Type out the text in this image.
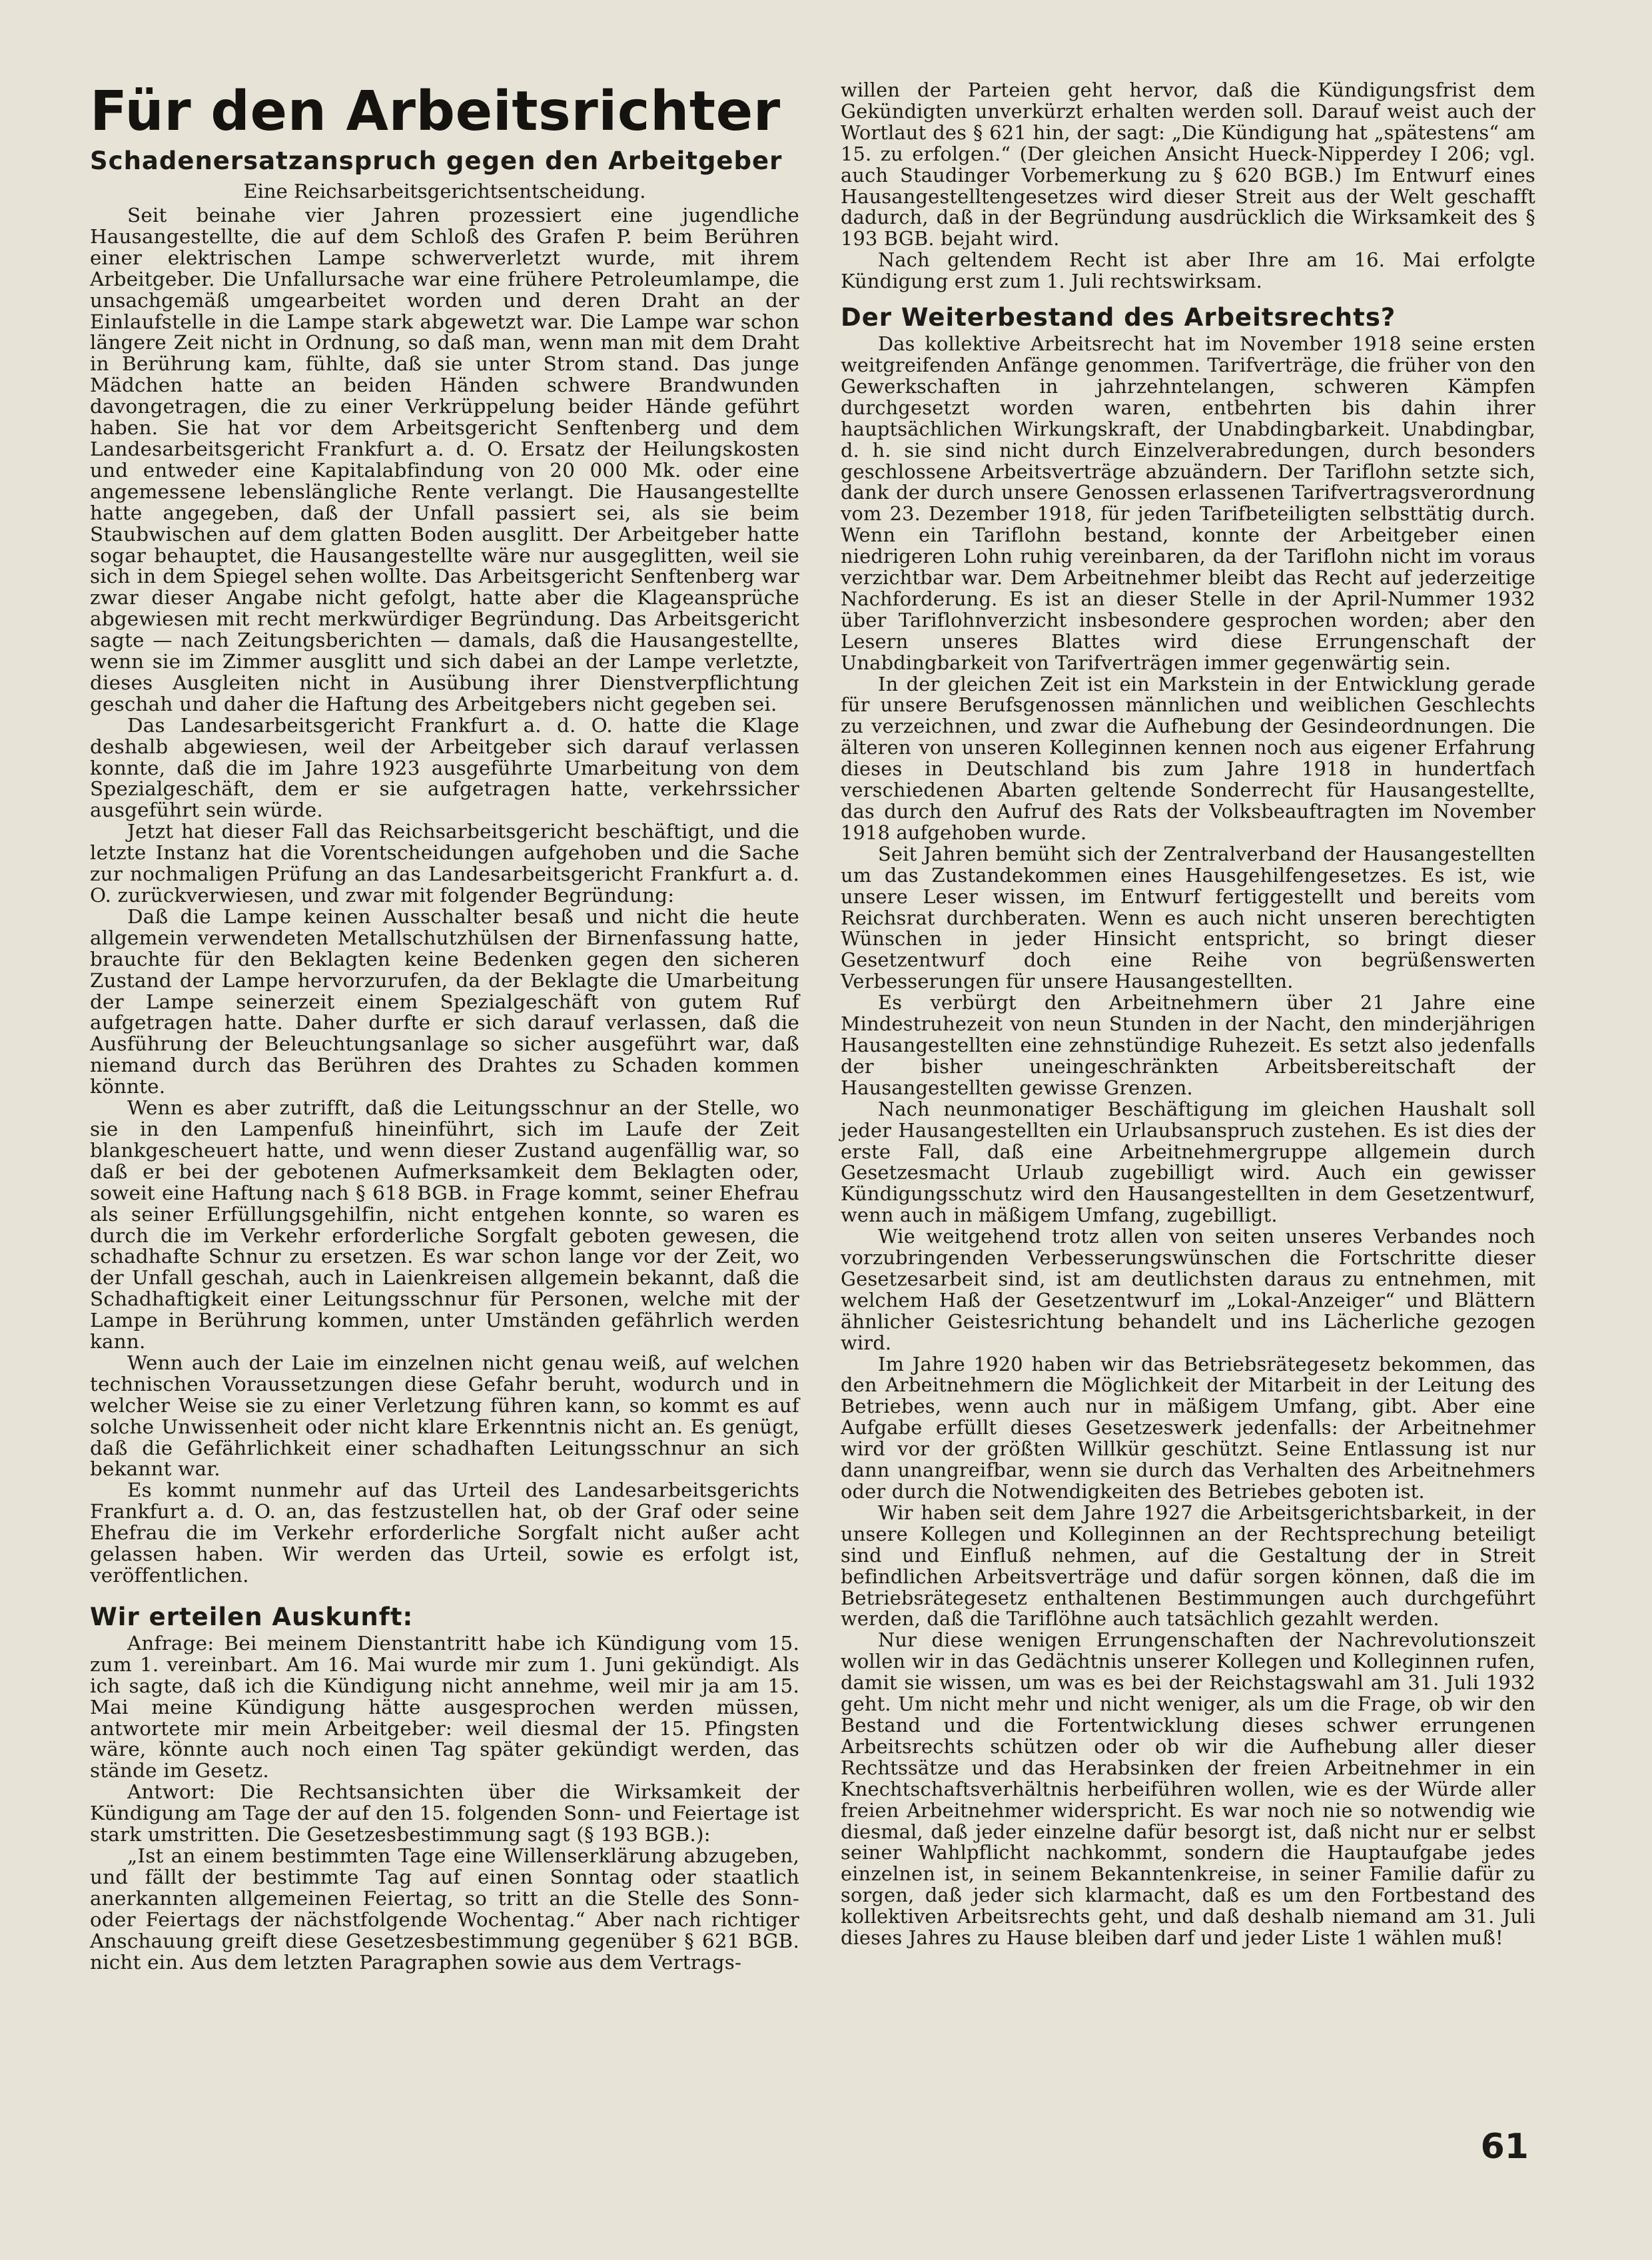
Für den Arbeitsrichter
Schadenersatzanspruch gegen den Arbeitgeber
Eine Reichsarbeitsgerichtsentscheidung.

Seit beinahe vier Jahren prozessiert eine jugendliche Hausangestellte, die auf dem Schloß des Grafen P. beim Berühren einer elektrischen Lampe schwerverletzt wurde, mit ihrem Arbeitgeber. Die Unfallursache war eine frühere Petroleumlampe, die unsachgemäß umgearbeitet worden und deren Draht an der Einlaufstelle in die Lampe stark abgewetzt war. Die Lampe war schon längere Zeit nicht in Ordnung, so daß man, wenn man mit dem Draht in Berührung kam, fühlte, daß sie unter Strom stand. Das junge Mädchen hatte an beiden Händen schwere Brandwunden davongetragen, die zu einer Verkrüppelung beider Hände geführt haben. Sie hat vor dem Arbeitsgericht Senftenberg und dem Landesarbeitsgericht Frankfurt a. d. O. Ersatz der Heilungskosten und entweder eine Kapitalabfindung von 20 000 Mk. oder eine angemessene lebenslängliche Rente verlangt. Die Hausangestellte hatte angegeben, daß der Unfall passiert sei, als sie beim Staubwischen auf dem glatten Boden ausglitt. Der Arbeitgeber hatte sogar behauptet, die Hausangestellte wäre nur ausgeglitten, weil sie sich in dem Spiegel sehen wollte. Das Arbeitsgericht Senftenberg war zwar dieser Angabe nicht gefolgt, hatte aber die Klageansprüche abgewiesen mit recht merkwürdiger Begründung. Das Arbeitsgericht sagte — nach Zeitungsberichten — damals, daß die Hausangestellte, wenn sie im Zimmer ausglitt und sich dabei an der Lampe verletzte, dieses Ausgleiten nicht in Ausübung ihrer Dienstverpflichtung geschah und daher die Haftung des Arbeitgebers nicht gegeben sei.

Das Landesarbeitsgericht Frankfurt a. d. O. hatte die Klage deshalb abgewiesen, weil der Arbeitgeber sich darauf verlassen konnte, daß die im Jahre 1923 ausgeführte Umarbeitung von dem Spezialgeschäft, dem er sie aufgetragen hatte, verkehrssicher ausgeführt sein würde.

Jetzt hat dieser Fall das Reichsarbeitsgericht beschäftigt, und die letzte Instanz hat die Vorentscheidungen aufgehoben und die Sache zur nochmaligen Prüfung an das Landesarbeitsgericht Frankfurt a. d. O. zurückverwiesen, und zwar mit folgender Begründung:

Daß die Lampe keinen Ausschalter besaß und nicht die heute allgemein verwendeten Metallschutzhülsen der Birnenfassung hatte, brauchte für den Beklagten keine Bedenken gegen den sicheren Zustand der Lampe hervorzurufen, da der Beklagte die Umarbeitung der Lampe seinerzeit einem Spezialgeschäft von gutem Ruf aufgetragen hatte. Daher durfte er sich darauf verlassen, daß die Ausführung der Beleuchtungsanlage so sicher ausgeführt war, daß niemand durch das Berühren des Drahtes zu Schaden kommen könnte.

Wenn es aber zutrifft, daß die Leitungsschnur an der Stelle, wo sie in den Lampenfuß hineinführt, sich im Laufe der Zeit blankgescheuert hatte, und wenn dieser Zustand augenfällig war, so daß er bei der gebotenen Aufmerksamkeit dem Beklagten oder, soweit eine Haftung nach § 618 BGB. in Frage kommt, seiner Ehefrau als seiner Erfüllungsgehilfin, nicht entgehen konnte, so waren es durch die im Verkehr erforderliche Sorgfalt geboten gewesen, die schadhafte Schnur zu ersetzen. Es war schon lange vor der Zeit, wo der Unfall geschah, auch in Laienkreisen allgemein bekannt, daß die Schadhaftigkeit einer Leitungsschnur für Personen, welche mit der Lampe in Berührung kommen, unter Umständen gefährlich werden kann.

Wenn auch der Laie im einzelnen nicht genau weiß, auf welchen technischen Voraussetzungen diese Gefahr beruht, wodurch und in welcher Weise sie zu einer Verletzung führen kann, so kommt es auf solche Unwissenheit oder nicht klare Erkenntnis nicht an. Es genügt, daß die Gefährlichkeit einer schadhaften Leitungsschnur an sich bekannt war.

Es kommt nunmehr auf das Urteil des Landesarbeitsgerichts Frankfurt a. d. O. an, das festzustellen hat, ob der Graf oder seine Ehefrau die im Verkehr erforderliche Sorgfalt nicht außer acht gelassen haben. Wir werden das Urteil, sowie es erfolgt ist, veröffentlichen.

Wir erteilen Auskunft:

Anfrage: Bei meinem Dienstantritt habe ich Kündigung vom 15. zum 1. vereinbart. Am 16. Mai wurde mir zum 1. Juni gekündigt. Als ich sagte, daß ich die Kündigung nicht annehme, weil mir ja am 15. Mai meine Kündigung hätte ausgesprochen werden müssen, antwortete mir mein Arbeitgeber: weil diesmal der 15. Pfingsten wäre, könnte auch noch einen Tag später gekündigt werden, das stände im Gesetz.

Antwort: Die Rechtsansichten über die Wirksamkeit der Kündigung am Tage der auf den 15. folgenden Sonn- und Feiertage ist stark umstritten. Die Gesetzesbestimmung sagt (§ 193 BGB.):

„Ist an einem bestimmten Tage eine Willenserklärung abzugeben, und fällt der bestimmte Tag auf einen Sonntag oder staatlich anerkannten allgemeinen Feiertag, so tritt an die Stelle des Sonn- oder Feiertags der nächstfolgende Wochentag.“ Aber nach richtiger Anschauung greift diese Gesetzesbestimmung gegenüber § 621 BGB. nicht ein. Aus dem letzten Paragraphen sowie aus dem Vertrags-

willen der Parteien geht hervor, daß die Kündigungsfrist dem Gekündigten unverkürzt erhalten werden soll. Darauf weist auch der Wortlaut des § 621 hin, der sagt: „Die Kündigung hat „spätestens“ am 15. zu erfolgen.“ (Der gleichen Ansicht Hueck-Nipperdey I 206; vgl. auch Staudinger Vorbemerkung zu § 620 BGB.) Im Entwurf eines Hausangestelltengesetzes wird dieser Streit aus der Welt geschafft dadurch, daß in der Begründung ausdrücklich die Wirksamkeit des § 193 BGB. bejaht wird.

Nach geltendem Recht ist aber Ihre am 16. Mai erfolgte Kündigung erst zum 1. Juli rechtswirksam.

Der Weiterbestand des Arbeitsrechts?

Das kollektive Arbeitsrecht hat im November 1918 seine ersten weitgreifenden Anfänge genommen. Tarifverträge, die früher von den Gewerkschaften in jahrzehntelangen, schweren Kämpfen durchgesetzt worden waren, entbehrten bis dahin ihrer hauptsächlichen Wirkungskraft, der Unabdingbarkeit. Unabdingbar, d. h. sie sind nicht durch Einzelverabredungen, durch besonders geschlossene Arbeitsverträge abzuändern. Der Tariflohn setzte sich, dank der durch unsere Genossen erlassenen Tarifvertragsverordnung vom 23. Dezember 1918, für jeden Tarifbeteiligten selbsttätig durch. Wenn ein Tariflohn bestand, konnte der Arbeitgeber einen niedrigeren Lohn ruhig vereinbaren, da der Tariflohn nicht im voraus verzichtbar war. Dem Arbeitnehmer bleibt das Recht auf jederzeitige Nachforderung. Es ist an dieser Stelle in der April-Nummer 1932 über Tariflohnverzicht insbesondere gesprochen worden; aber den Lesern unseres Blattes wird diese Errungenschaft der Unabdingbarkeit von Tarifverträgen immer gegenwärtig sein.

In der gleichen Zeit ist ein Markstein in der Entwicklung gerade für unsere Berufsgenossen männlichen und weiblichen Geschlechts zu verzeichnen, und zwar die Aufhebung der Gesindeordnungen. Die älteren von unseren Kolleginnen kennen noch aus eigener Erfahrung dieses in Deutschland bis zum Jahre 1918 in hundertfach verschiedenen Abarten geltende Sonderrecht für Hausangestellte, das durch den Aufruf des Rats der Volksbeauftragten im November 1918 aufgehoben wurde.

Seit Jahren bemüht sich der Zentralverband der Hausangestellten um das Zustandekommen eines Hausgehilfengesetzes. Es ist, wie unsere Leser wissen, im Entwurf fertiggestellt und bereits vom Reichsrat durchberaten. Wenn es auch nicht unseren berechtigten Wünschen in jeder Hinsicht entspricht, so bringt dieser Gesetzentwurf doch eine Reihe von begrüßenswerten Verbesserungen für unsere Hausangestellten.

Es verbürgt den Arbeitnehmern über 21 Jahre eine Mindestruhezeit von neun Stunden in der Nacht, den minderjährigen Hausangestellten eine zehnstündige Ruhezeit. Es setzt also jedenfalls der bisher uneingeschränkten Arbeitsbereitschaft der Hausangestellten gewisse Grenzen.

Nach neunmonatiger Beschäftigung im gleichen Haushalt soll jeder Hausangestellten ein Urlaubsanspruch zustehen. Es ist dies der erste Fall, daß eine Arbeitnehmergruppe allgemein durch Gesetzesmacht Urlaub zugebilligt wird. Auch ein gewisser Kündigungsschutz wird den Hausangestellten in dem Gesetzentwurf, wenn auch in mäßigem Umfang, zugebilligt.

Wie weitgehend trotz allen von seiten unseres Verbandes noch vorzubringenden Verbesserungswünschen die Fortschritte dieser Gesetzesarbeit sind, ist am deutlichsten daraus zu entnehmen, mit welchem Haß der Gesetzentwurf im „Lokal-Anzeiger“ und Blättern ähnlicher Geistesrichtung behandelt und ins Lächerliche gezogen wird.

Im Jahre 1920 haben wir das Betriebsrätegesetz bekommen, das den Arbeitnehmern die Möglichkeit der Mitarbeit in der Leitung des Betriebes, wenn auch nur in mäßigem Umfang, gibt. Aber eine Aufgabe erfüllt dieses Gesetzeswerk jedenfalls: der Arbeitnehmer wird vor der größten Willkür geschützt. Seine Entlassung ist nur dann unangreifbar, wenn sie durch das Verhalten des Arbeitnehmers oder durch die Notwendigkeiten des Betriebes geboten ist.

Wir haben seit dem Jahre 1927 die Arbeitsgerichtsbarkeit, in der unsere Kollegen und Kolleginnen an der Rechtsprechung beteiligt sind und Einfluß nehmen, auf die Gestaltung der in Streit befindlichen Arbeitsverträge und dafür sorgen können, daß die im Betriebsrätegesetz enthaltenen Bestimmungen auch durchgeführt werden, daß die Tariflöhne auch tatsächlich gezahlt werden.

Nur diese wenigen Errungenschaften der Nachrevolutionszeit wollen wir in das Gedächtnis unserer Kollegen und Kolleginnen rufen, damit sie wissen, um was es bei der Reichstagswahl am 31. Juli 1932 geht. Um nicht mehr und nicht weniger, als um die Frage, ob wir den Bestand und die Fortentwicklung dieses schwer errungenen Arbeitsrechts schützen oder ob wir die Aufhebung aller dieser Rechtssätze und das Herabsinken der freien Arbeitnehmer in ein Knechtschaftsverhältnis herbeiführen wollen, wie es der Würde aller freien Arbeitnehmer widerspricht. Es war noch nie so notwendig wie diesmal, daß jeder einzelne dafür besorgt ist, daß nicht nur er selbst seiner Wahlpflicht nachkommt, sondern die Hauptaufgabe jedes einzelnen ist, in seinem Bekanntenkreise, in seiner Familie dafür zu sorgen, daß jeder sich klarmacht, daß es um den Fortbestand des kollektiven Arbeitsrechts geht, und daß deshalb niemand am 31. Juli dieses Jahres zu Hause bleiben darf und jeder Liste 1 wählen muß!

61
